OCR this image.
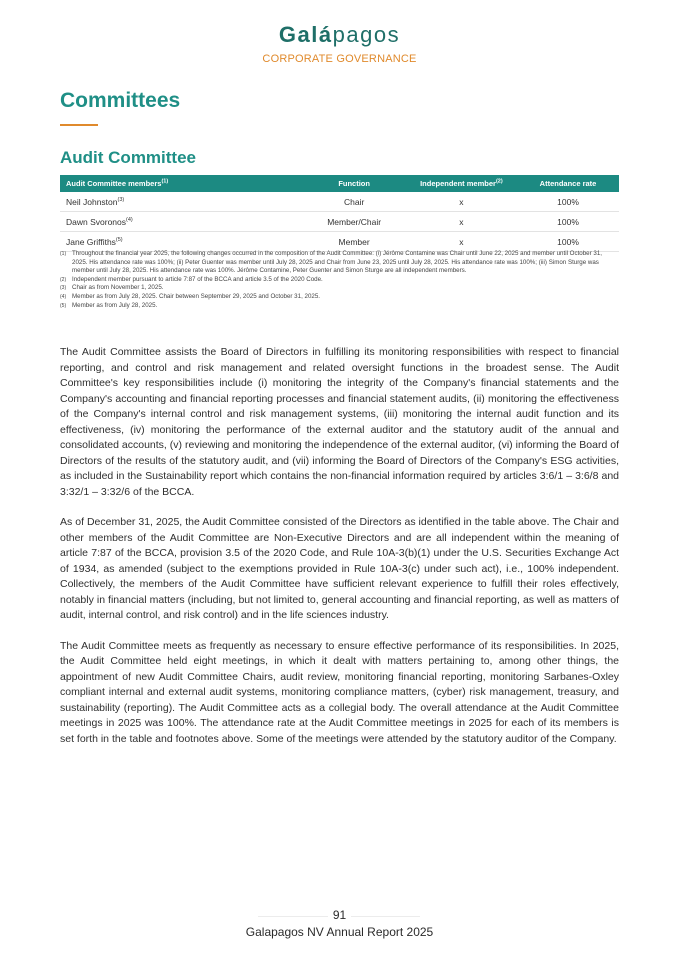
Galápagos
CORPORATE GOVERNANCE
Committees
Audit Committee
Audit Committee members$^{(1)}$	Function	Independent member$^{(2)}$	Attendance rate
Neil Johnston$^{(3)}$	Chair	x	100%
Dawn Svoronos$^{(4)}$	Member/Chair	x	100%
Jane Griffiths$^{(5)}$	Member	x	100%
(1) Throughout the financial year 2025, the following changes occurred in the composition of the Audit Committee: (i) Jérôme Contamine was Chair until June 22, 2025 and member until October 31, 2025. His attendance rate was 100%; (ii) Peter Guenter was member until July 28, 2025 and Chair from June 23, 2025 until July 28, 2025. His attendance rate was 100%; (iii) Simon Sturge was member until July 28, 2025. His attendance rate was 100%. Jérôme Contamine, Peter Guenter and Simon Sturge are all independent members.
(2) Independent member pursuant to article 7:87 of the BCCA and article 3.5 of the 2020 Code.
(3) Chair as from November 1, 2025.
(4) Member as from July 28, 2025. Chair between September 29, 2025 and October 31, 2025.
(5) Member as from July 28, 2025.

The Audit Committee assists the Board of Directors in fulfilling its monitoring responsibilities with respect to financial reporting, and control and risk management and related oversight functions in the broadest sense. The Audit Committee's key responsibilities include (i) monitoring the integrity of the Company's financial statements and the Company's accounting and financial reporting processes and financial statement audits, (ii) monitoring the effectiveness of the Company's internal control and risk management systems, (iii) monitoring the internal audit function and its effectiveness, (iv) monitoring the performance of the external auditor and the statutory audit of the annual and consolidated accounts, (v) reviewing and monitoring the independence of the external auditor, (vi) informing the Board of Directors of the results of the statutory audit, and (vii) informing the Board of Directors of the Company's ESG activities, as included in the Sustainability report which contains the non-financial information required by articles 3:6/1 – 3:6/8 and 3:32/1 – 3:32/6 of the BCCA.

As of December 31, 2025, the Audit Committee consisted of the Directors as identified in the table above. The Chair and other members of the Audit Committee are Non-Executive Directors and are all independent within the meaning of article 7:87 of the BCCA, provision 3.5 of the 2020 Code, and Rule 10A-3(b)(1) under the U.S. Securities Exchange Act of 1934, as amended (subject to the exemptions provided in Rule 10A-3(c) under such act), i.e., 100% independent. Collectively, the members of the Audit Committee have sufficient relevant experience to fulfill their roles effectively, notably in financial matters (including, but not limited to, general accounting and financial reporting, as well as matters of audit, internal control, and risk control) and in the life sciences industry.

The Audit Committee meets as frequently as necessary to ensure effective performance of its responsibilities. In 2025, the Audit Committee held eight meetings, in which it dealt with matters pertaining to, among other things, the appointment of new Audit Committee Chairs, audit review, monitoring financial reporting, monitoring Sarbanes-Oxley compliant internal and external audit systems, monitoring compliance matters, (cyber) risk management, treasury, and sustainability (reporting). The Audit Committee acts as a collegial body. The overall attendance at the Audit Committee meetings in 2025 was 100%. The attendance rate at the Audit Committee meetings in 2025 for each of its members is set forth in the table and footnotes above. Some of the meetings were attended by the statutory auditor of the Company.

91
Galapagos NV Annual Report 2025
